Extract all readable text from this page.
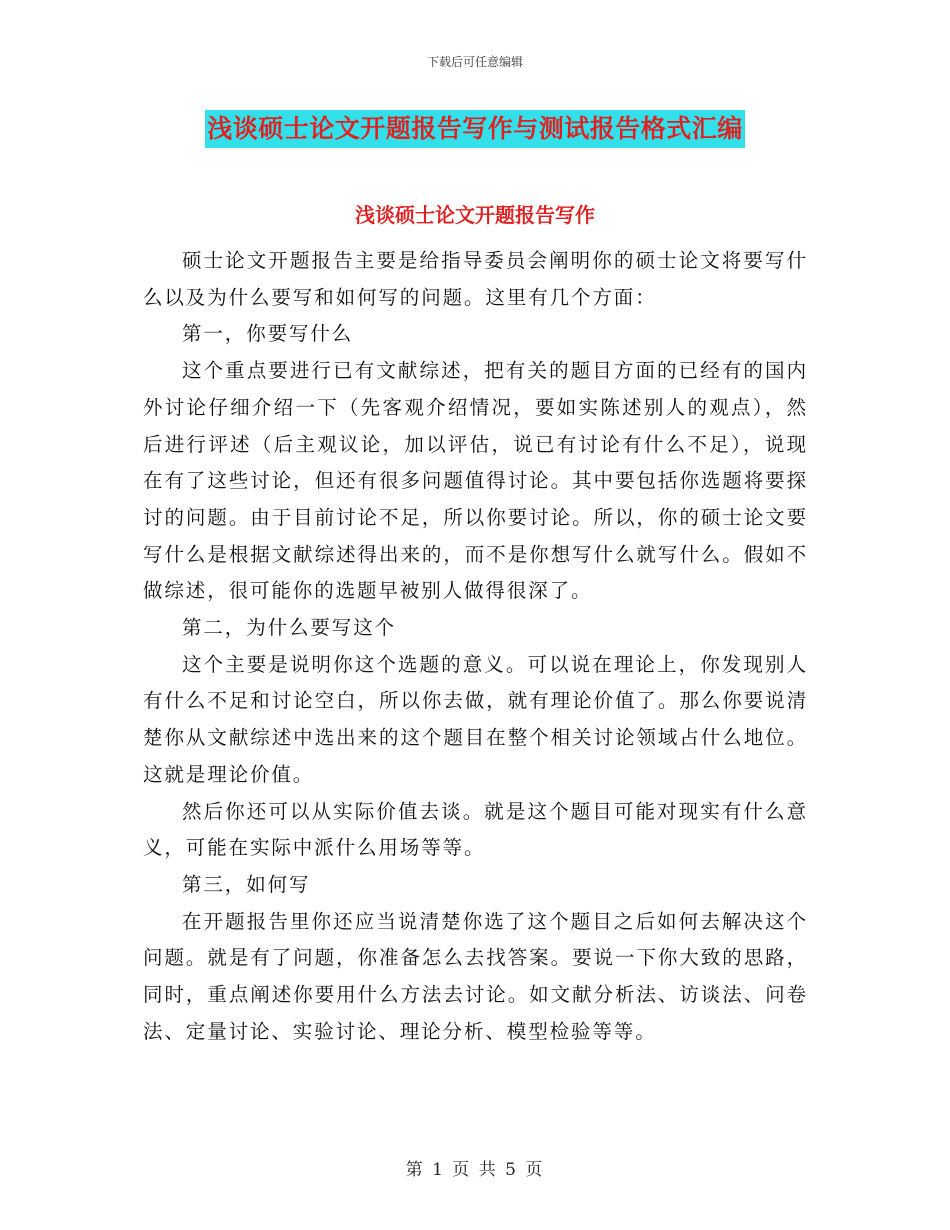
下载后可任意编辑
浅谈硕士论文开题报告写作与测试报告格式汇编
浅谈硕士论文开题报告写作

硕士论文开题报告主要是给指导委员会阐明你的硕士论文将要写什么以及为什么要写和如何写的问题。这里有几个方面：

第一，你要写什么

这个重点要进行已有文献综述，把有关的题目方面的已经有的国内外讨论仔细介绍一下（先客观介绍情况，要如实陈述别人的观点），然后进行评述（后主观议论，加以评估，说已有讨论有什么不足），说现在有了这些讨论，但还有很多问题值得讨论。其中要包括你选题将要探讨的问题。由于目前讨论不足，所以你要讨论。所以，你的硕士论文要写什么是根据文献综述得出来的，而不是你想写什么就写什么。假如不做综述，很可能你的选题早被别人做得很深了。

第二，为什么要写这个

这个主要是说明你这个选题的意义。可以说在理论上，你发现别人有什么不足和讨论空白，所以你去做，就有理论价值了。那么你要说清楚你从文献综述中选出来的这个题目在整个相关讨论领域占什么地位。这就是理论价值。

然后你还可以从实际价值去谈。就是这个题目可能对现实有什么意义，可能在实际中派什么用场等等。

第三，如何写

在开题报告里你还应当说清楚你选了这个题目之后如何去解决这个问题。就是有了问题，你准备怎么去找答案。要说一下你大致的思路，同时，重点阐述你要用什么方法去讨论。如文献分析法、访谈法、问卷法、定量讨论、实验讨论、理论分析、模型检验等等。

第 1 页 共 5 页
